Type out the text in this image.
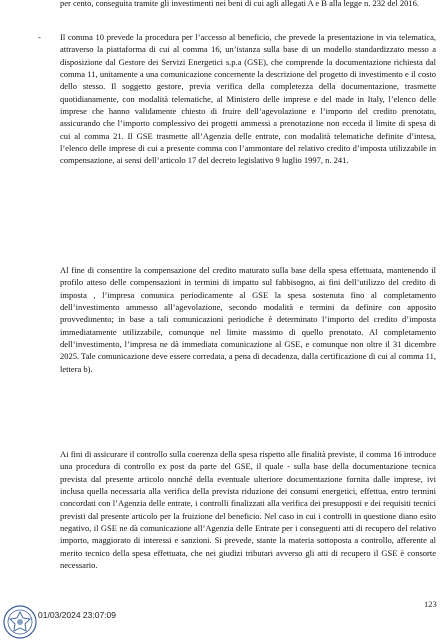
per cento, conseguita tramite gli investimenti nei beni di cui agli allegati A e B alla legge n. 232 del 2016.

- Il comma 10 prevede la procedura per l’accesso al beneficio, che prevede la presentazione in via telematica, attraverso la piattaforma di cui al comma 16, un’istanza sulla base di un modello standardizzato messo a disposizione dal Gestore dei Servizi Energetici s.p.a (GSE), che comprende la documentazione richiesta dal comma 11, unitamente a una comunicazione concernente la descrizione del progetto di investimento e il costo dello stesso. Il soggetto gestore, previa verifica della completezza della documentazione, trasmette quotidianamente, con modalità telematiche, al Ministero delle imprese e del made in Italy, l’elenco delle imprese che hanno validamente chiesto di fruire dell’agevolazione e l’importo del credito prenotato, assicurando che l’importo complessivo dei progetti ammessi a prenotazione non ecceda il limite di spesa di cui al comma 21. Il GSE trasmette all’Agenzia delle entrate, con modalità telematiche definite d’intesa, l’elenco delle imprese di cui a presente comma con l’ammontare del relativo credito d’imposta utilizzabile in compensazione, ai sensi dell’articolo 17 del decreto legislativo 9 luglio 1997, n. 241.

Al fine di consentire la compensazione del credito maturato sulla base della spesa effettuata, mantenendo il profilo atteso delle compensazioni in termini di impatto sul fabbisogno, ai fini dell’utilizzo del credito di imposta , l’impresa comunica periodicamente al GSE la spesa sostenuta fino al completamento dell’investimento ammesso all’agevolazione, secondo modalità e termini da definire con apposito provvedimento; in base a tali comunicazioni periodiche è determinato l’importo del credito d’imposta immediatamente utilizzabile, comunque nel limite massimo di quello prenotato. Al completamento dell’investimento, l’impresa ne dà immediata comunicazione al GSE, e comunque non oltre il 31 dicembre 2025. Tale comunicazione deve essere corredata, a pena di decadenza, dalla certificazione di cui al comma 11, lettera b).

Ai fini di assicurare il controllo sulla coerenza della spesa rispetto alle finalità previste, il comma 16 introduce una procedura di controllo ex post da parte del GSE, il quale - sulla base della documentazione tecnica prevista dal presente articolo nonché della eventuale ulteriore documentazione fornita dalle imprese, ivi inclusa quella necessaria alla verifica della prevista riduzione dei consumi energetici, effettua, entro termini concordati con l’Agenzia delle entrate, i controlli finalizzati alla verifica dei presupposti e dei requisiti tecnici previsti dal presente articolo per la fruizione del beneficio. Nel caso in cui i controlli in questione diano esito negativo, il GSE ne dà comunicazione all’Agenzia delle Entrate per i conseguenti atti di recupero del relativo importo, maggiorato di interessi e sanzioni. Si prevede, stante la materia sottoposta a controllo, afferente al merito tecnico della spesa effettuata, che nei giudizi tributari avverso gli atti di recupero il GSE è consorte necessario.

123
01/03/2024 23:07:09
